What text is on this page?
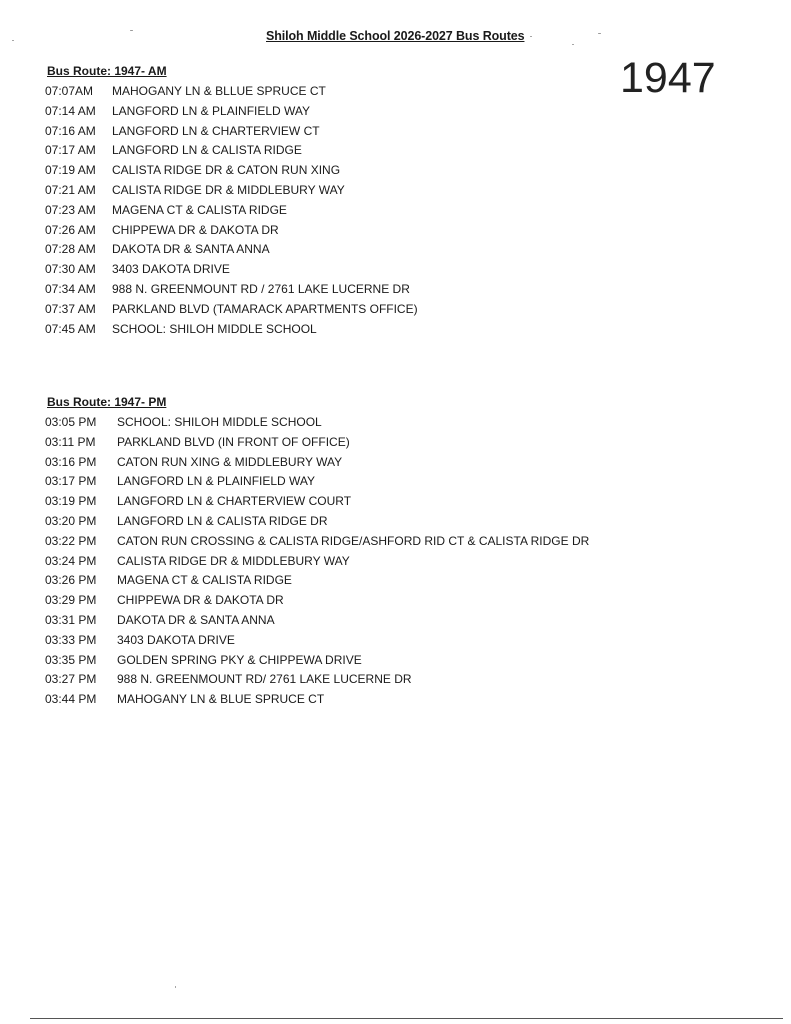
Shiloh Middle School 2026-2027 Bus Routes
1947
Bus Route: 1947- AM
07:07AM	MAHOGANY LN & BLLUE SPRUCE CT
07:14 AM	LANGFORD LN & PLAINFIELD WAY
07:16 AM	LANGFORD LN & CHARTERVIEW CT
07:17 AM	LANGFORD LN & CALISTA RIDGE
07:19 AM	CALISTA RIDGE DR & CATON RUN XING
07:21 AM	CALISTA RIDGE DR & MIDDLEBURY WAY
07:23 AM	MAGENA CT & CALISTA RIDGE
07:26 AM	CHIPPEWA DR & DAKOTA DR
07:28 AM	DAKOTA DR & SANTA ANNA
07:30 AM	3403 DAKOTA DRIVE
07:34 AM	988 N. GREENMOUNT RD / 2761 LAKE LUCERNE DR
07:37 AM	PARKLAND BLVD (TAMARACK APARTMENTS OFFICE)
07:45 AM	SCHOOL: SHILOH MIDDLE SCHOOL
Bus Route: 1947- PM
03:05 PM	SCHOOL: SHILOH MIDDLE SCHOOL
03:11 PM	PARKLAND BLVD (IN FRONT OF OFFICE)
03:16 PM	CATON RUN XING & MIDDLEBURY WAY
03:17 PM	LANGFORD LN & PLAINFIELD WAY
03:19 PM	LANGFORD LN & CHARTERVIEW COURT
03:20 PM	LANGFORD LN & CALISTA RIDGE DR
03:22 PM	CATON RUN CROSSING & CALISTA RIDGE/ASHFORD RID CT & CALISTA RIDGE DR
03:24 PM	CALISTA RIDGE DR & MIDDLEBURY WAY
03:26 PM	MAGENA CT & CALISTA RIDGE
03:29 PM	CHIPPEWA DR & DAKOTA DR
03:31 PM	DAKOTA DR & SANTA ANNA
03:33 PM	3403 DAKOTA DRIVE
03:35 PM	GOLDEN SPRING PKY & CHIPPEWA DRIVE
03:27 PM	988 N. GREENMOUNT RD/ 2761 LAKE LUCERNE DR
03:44 PM	MAHOGANY LN & BLUE SPRUCE CT
